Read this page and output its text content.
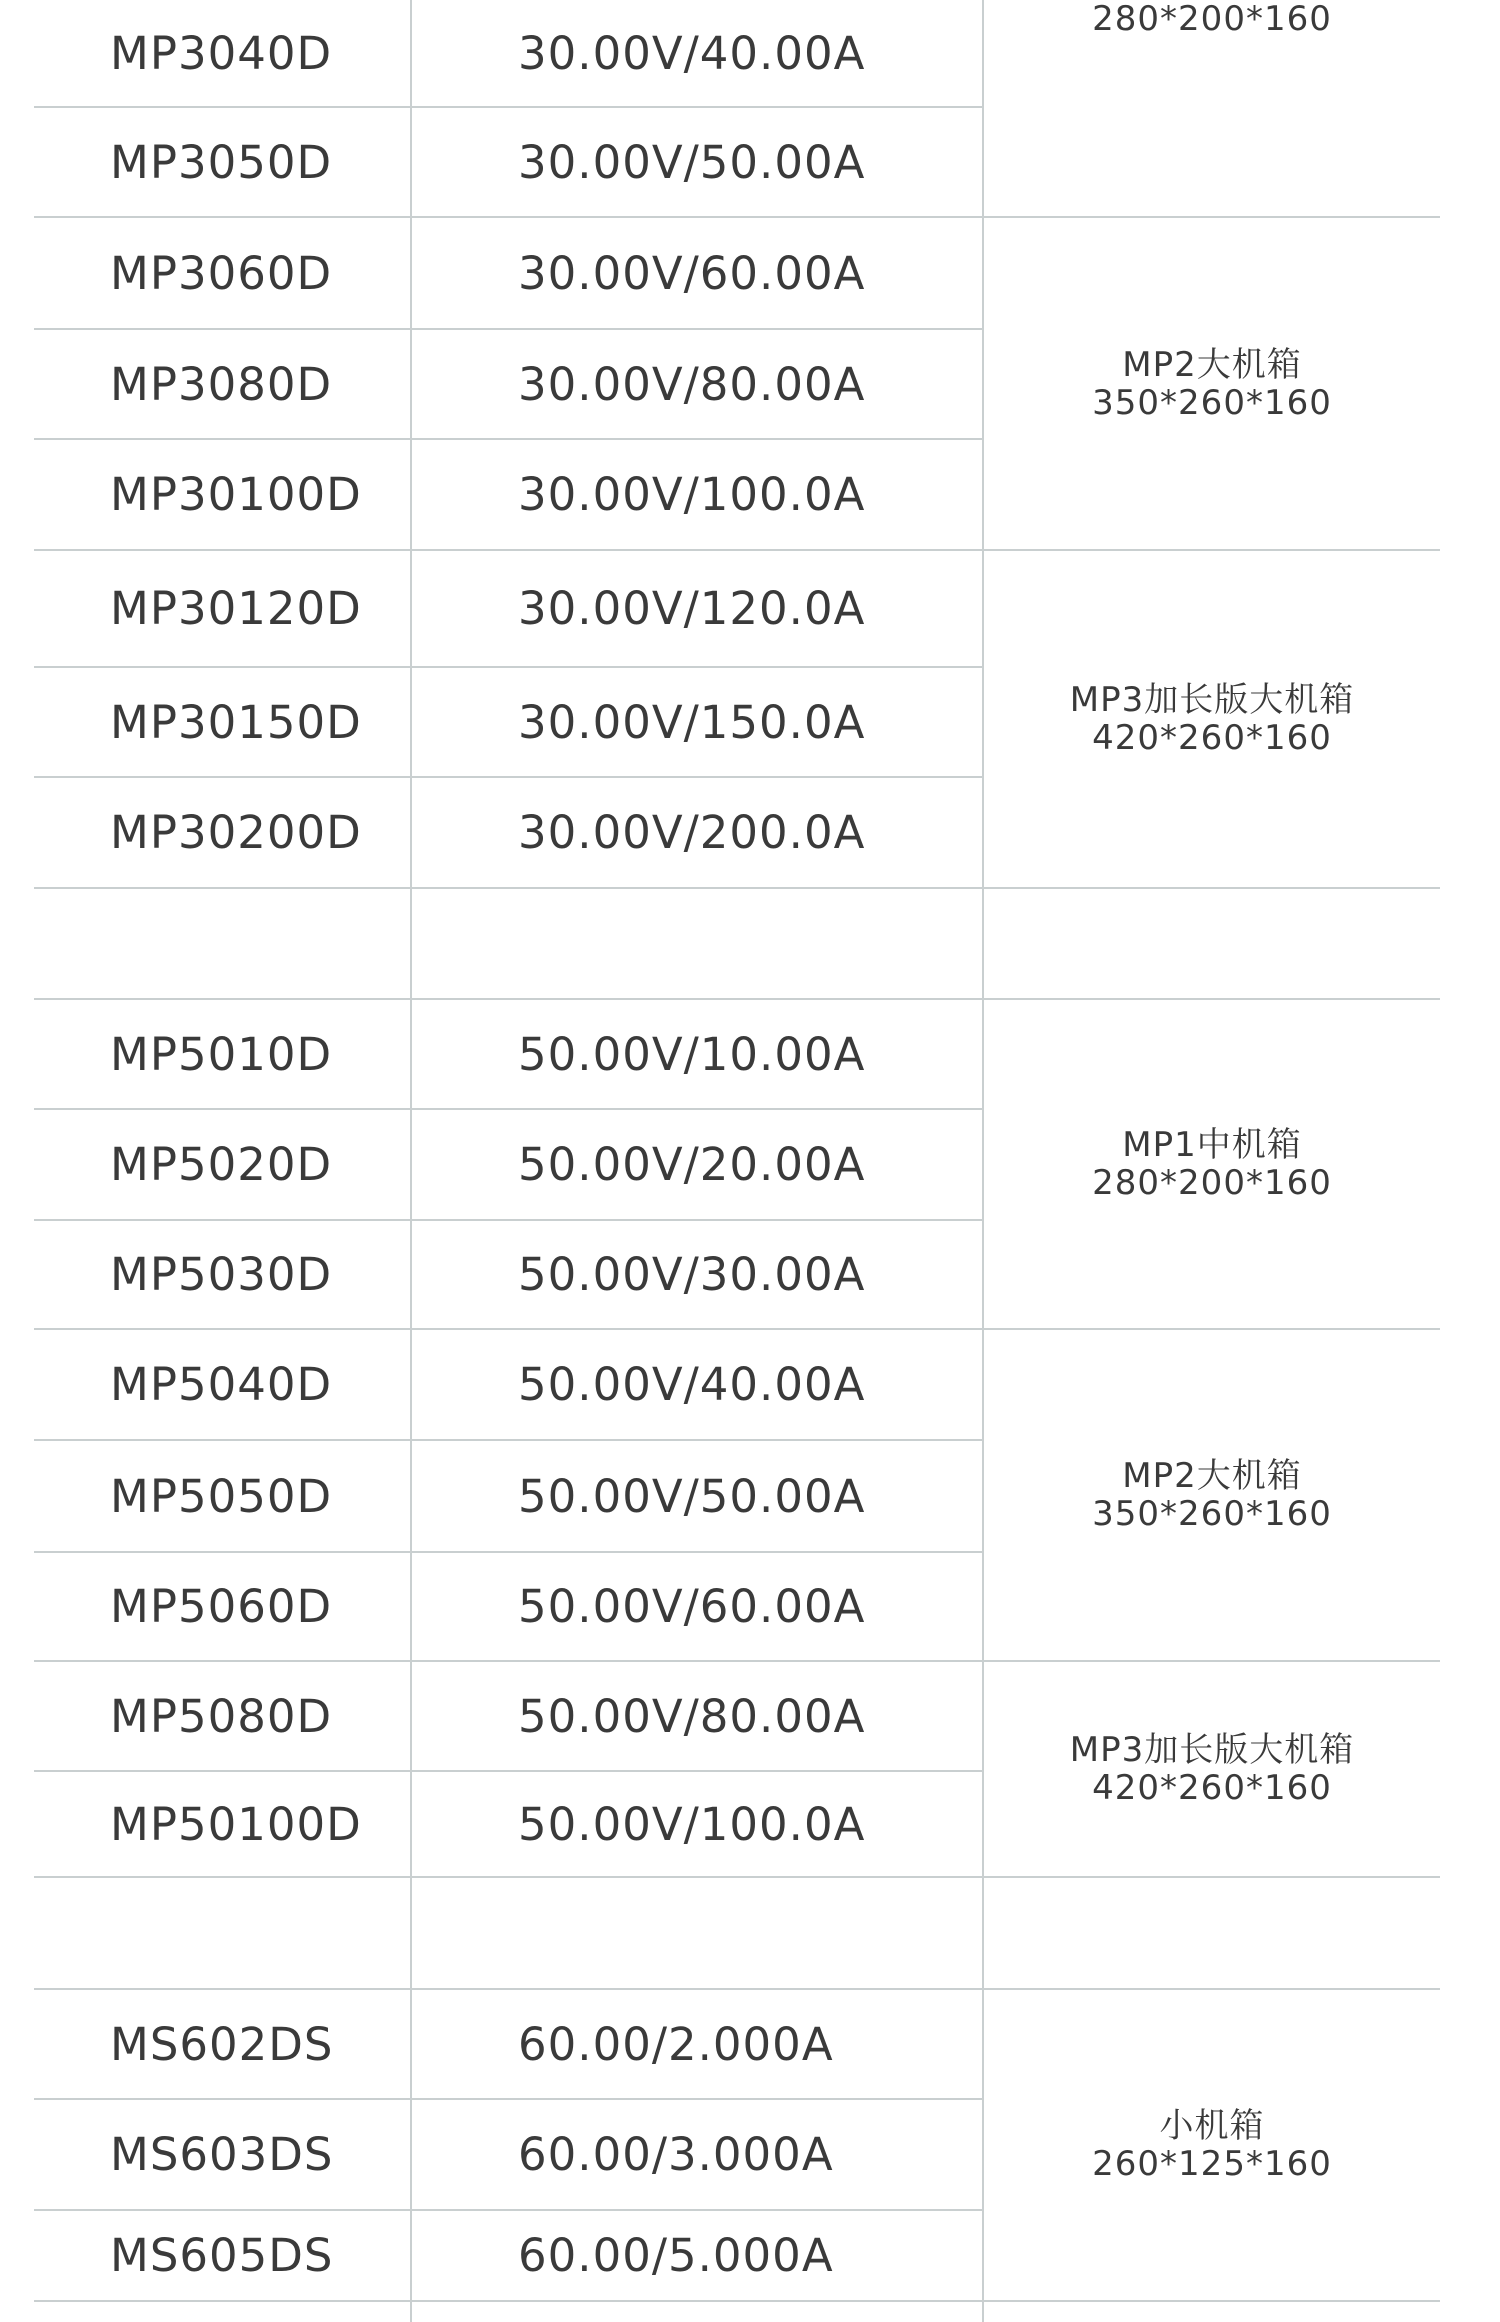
MP3040D
MP3050D
MP3060D
MP3080D
MP30100D
MP30120D
MP30150D
MP30200D
MP5010D
MP5020D
MP5030D
MP5040D
MP5050D
MP5060D
MP5080D
MP50100D
MS602DS
MS603DS
MS605DS
30.00V/40.00A
30.00V/50.00A
30.00V/60.00A
30.00V/80.00A
30.00V/100.0A
30.00V/120.0A
30.00V/150.0A
30.00V/200.0A
50.00V/10.00A
50.00V/20.00A
50.00V/30.00A
50.00V/40.00A
50.00V/50.00A
50.00V/60.00A
50.00V/80.00A
50.00V/100.0A
60.00/2.000A
60.00/3.000A
60.00/5.000A
280*200*160
MP2大机箱
350*260*160
MP3加长版大机箱
420*260*160
MP1中机箱
280*200*160
MP2大机箱
350*260*160
MP3加长版大机箱
420*260*160
小机箱
260*125*160
